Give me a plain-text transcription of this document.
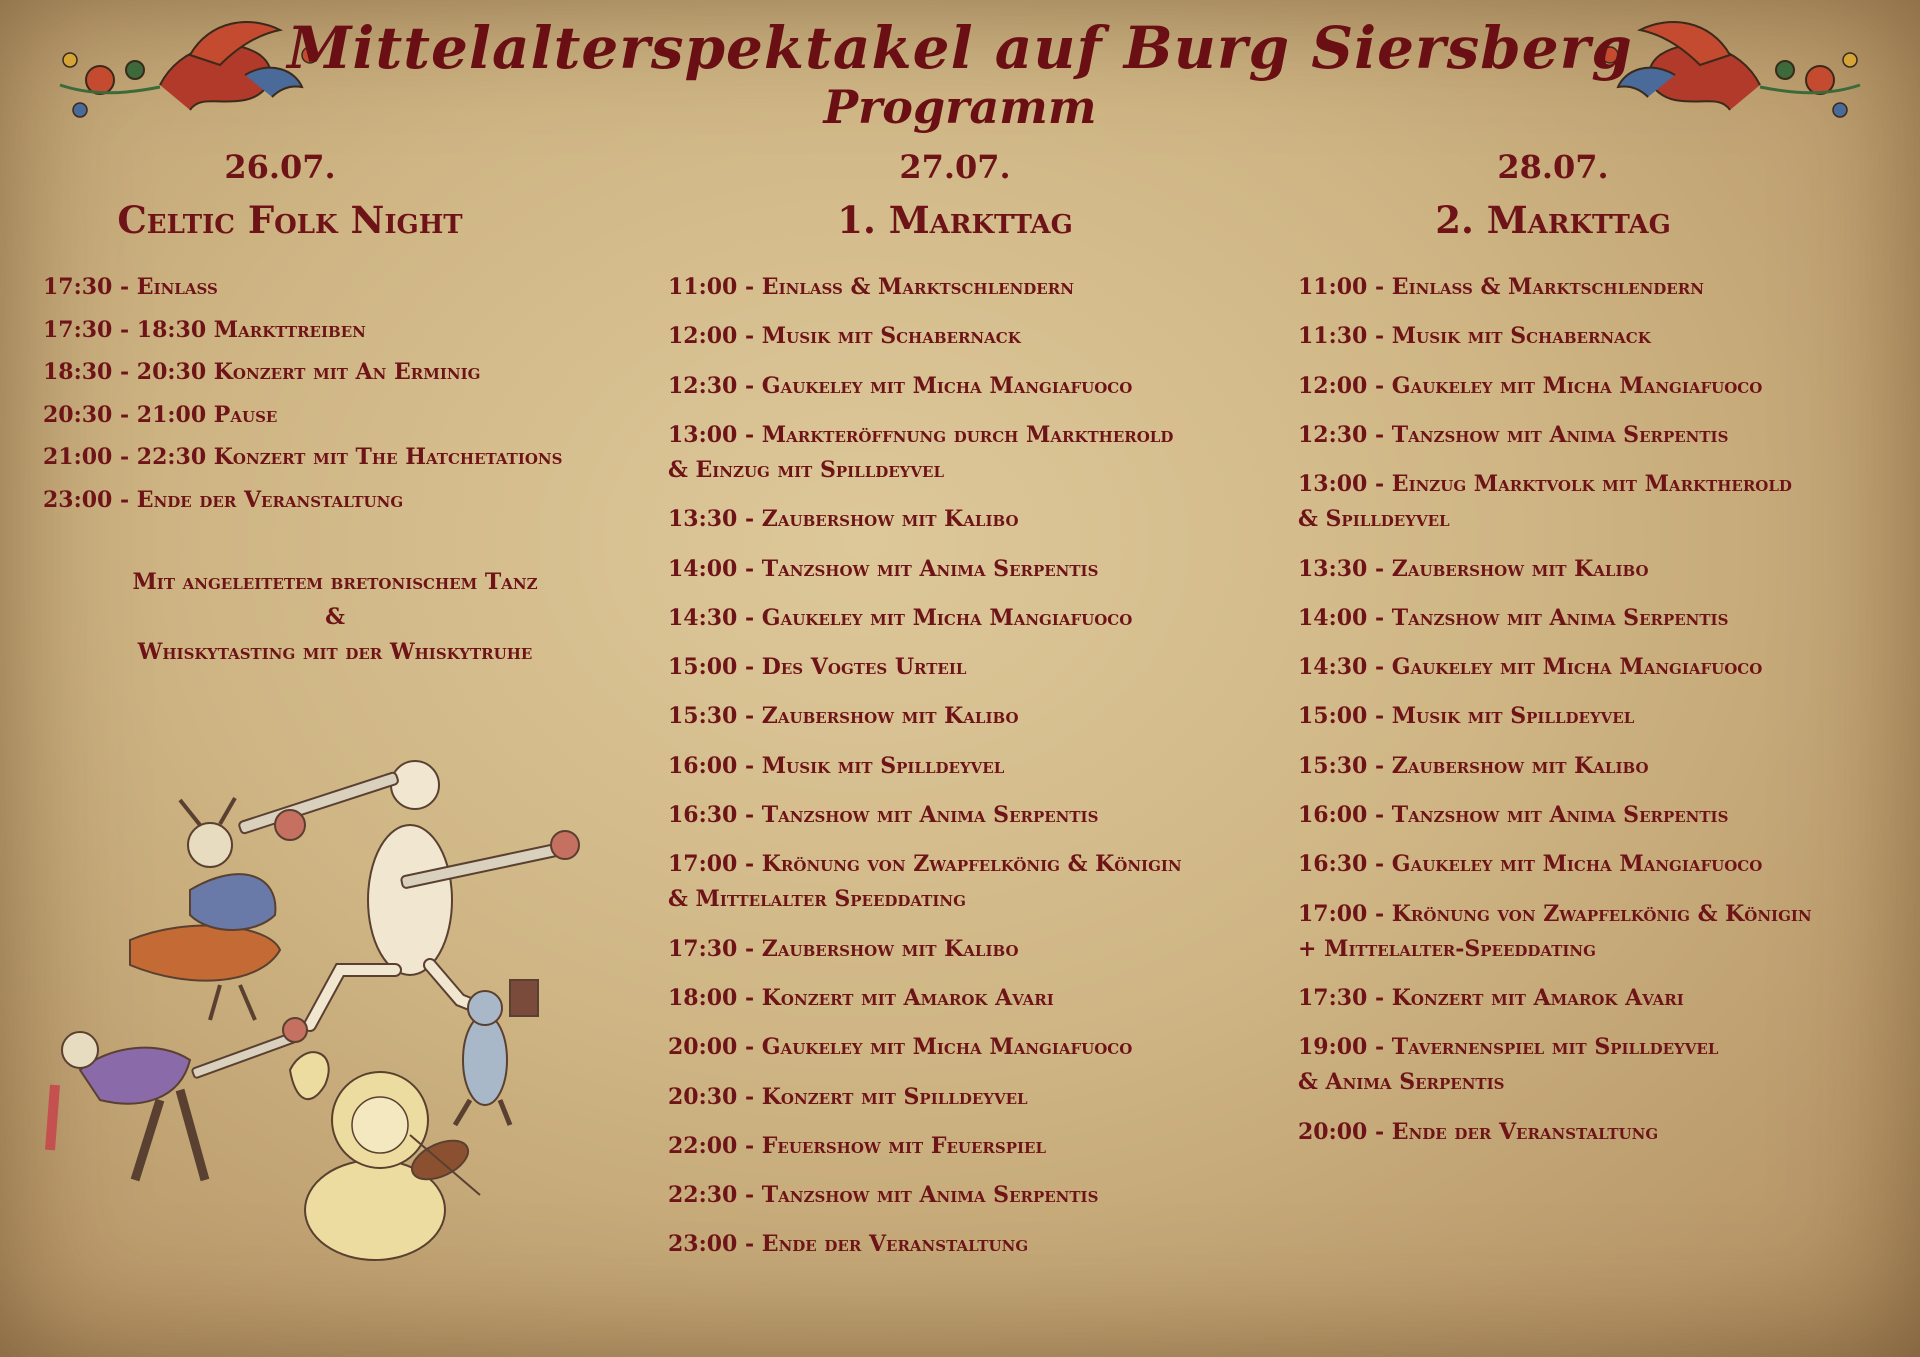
Mittelalterspektakel auf Burg Siersberg
Programm
26.07.
Celtic Folk Night
17:30 - Einlass
17:30 - 18:30 Markttreiben
18:30 - 20:30 Konzert mit An Erminig
20:30 - 21:00 Pause
21:00 - 22:30 Konzert mit The Hatchetations
23:00 - Ende der Veranstaltung
Mit angeleitetem bretonischem Tanz
&
Whiskytasting mit der Whiskytruhe
27.07.
1. Markttag
11:00 - Einlass & Marktschlendern
12:00 - Musik mit Schabernack
12:30 - Gaukeley mit Micha Mangiafuoco
13:00 - Markteröffnung durch Marktherold
& Einzug mit Spilldeyvel
13:30 - Zaubershow mit Kalibo
14:00 - Tanzshow mit Anima Serpentis
14:30 - Gaukeley mit Micha Mangiafuoco
15:00 - Des Vogtes Urteil
15:30 - Zaubershow mit Kalibo
16:00 - Musik mit Spilldeyvel
16:30 - Tanzshow mit Anima Serpentis
17:00 - Krönung von Zwapfelkönig & Königin
& Mittelalter Speeddating
17:30 - Zaubershow mit Kalibo
18:00 - Konzert mit Amarok Avari
20:00 - Gaukeley mit Micha Mangiafuoco
20:30 - Konzert mit Spilldeyvel
22:00 - Feuershow mit Feuerspiel
22:30 - Tanzshow mit Anima Serpentis
23:00 - Ende der Veranstaltung
28.07.
2. Markttag
11:00 - Einlass & Marktschlendern
11:30 - Musik mit Schabernack
12:00 - Gaukeley mit Micha Mangiafuoco
12:30 - Tanzshow mit Anima Serpentis
13:00 - Einzug Marktvolk mit Marktherold
& Spilldeyvel
13:30 - Zaubershow mit Kalibo
14:00 - Tanzshow mit Anima Serpentis
14:30 - Gaukeley mit Micha Mangiafuoco
15:00 - Musik mit Spilldeyvel
15:30 - Zaubershow mit Kalibo
16:00 - Tanzshow mit Anima Serpentis
16:30 - Gaukeley mit Micha Mangiafuoco
17:00 - Krönung von Zwapfelkönig & Königin
+ Mittelalter-Speeddating
17:30 - Konzert mit Amarok Avari
19:00 - Tavernenspiel mit Spilldeyvel
& Anima Serpentis
20:00 - Ende der Veranstaltung
